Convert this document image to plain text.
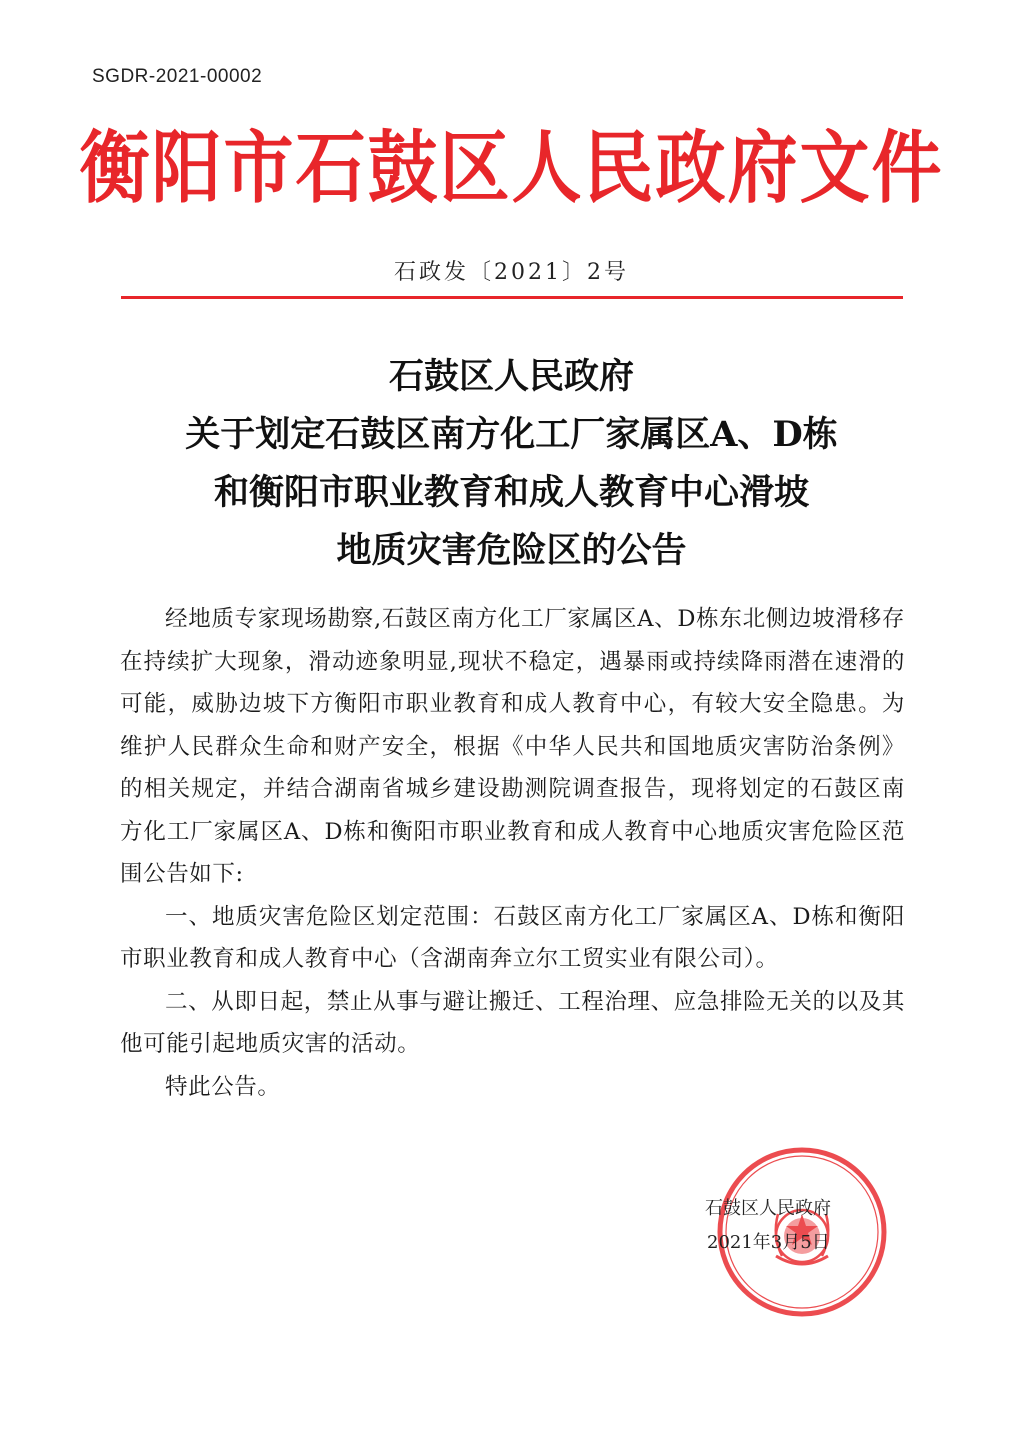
SGDR-2021-00002
衡阳市石鼓区人民政府文件
石政发〔2021〕2号
石鼓区人民政府
关于划定石鼓区南方化工厂家属区A、D栋
和衡阳市职业教育和成人教育中心滑坡
地质灾害危险区的公告

经地质专家现场勘察,石鼓区南方化工厂家属区A、D栋东北侧边坡滑移存在持续扩大现象，滑动迹象明显,现状不稳定，遇暴雨或持续降雨潜在速滑的可能，威胁边坡下方衡阳市职业教育和成人教育中心，有较大安全隐患。为维护人民群众生命和财产安全，根据《中华人民共和国地质灾害防治条例》的相关规定，并结合湖南省城乡建设勘测院调查报告，现将划定的石鼓区南方化工厂家属区A、D栋和衡阳市职业教育和成人教育中心地质灾害危险区范围公告如下:

一、地质灾害危险区划定范围：石鼓区南方化工厂家属区A、D栋和衡阳市职业教育和成人教育中心（含湖南奔立尔工贸实业有限公司）。

二、从即日起，禁止从事与避让搬迁、工程治理、应急排险无关的以及其他可能引起地质灾害的活动。

特此公告。

石鼓区人民政府
2021年3月5日
